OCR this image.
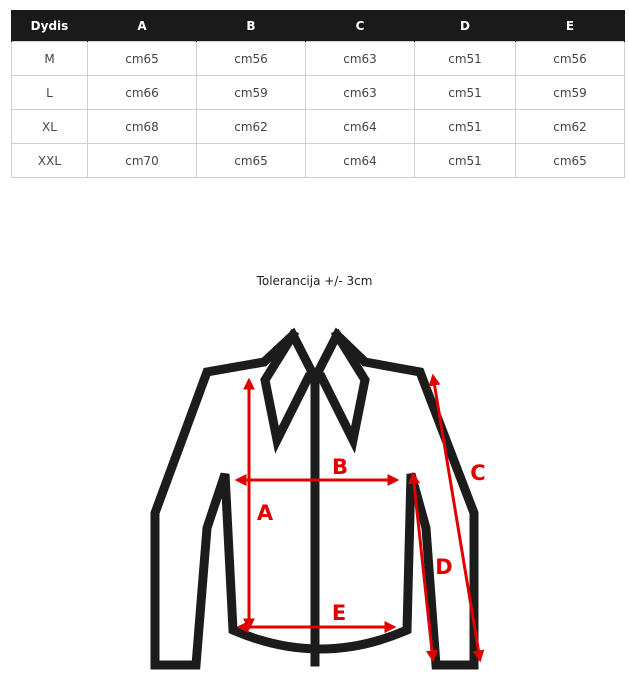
Dydis	A	B	C	D	E
M	cm65	cm56	cm63	cm51	cm56
L	cm66	cm59	cm63	cm51	cm59
XL	cm68	cm62	cm64	cm51	cm62
XXL	cm70	cm65	cm64	cm51	cm65
Tolerancija +/- 3cm
A
B	C
D
E
